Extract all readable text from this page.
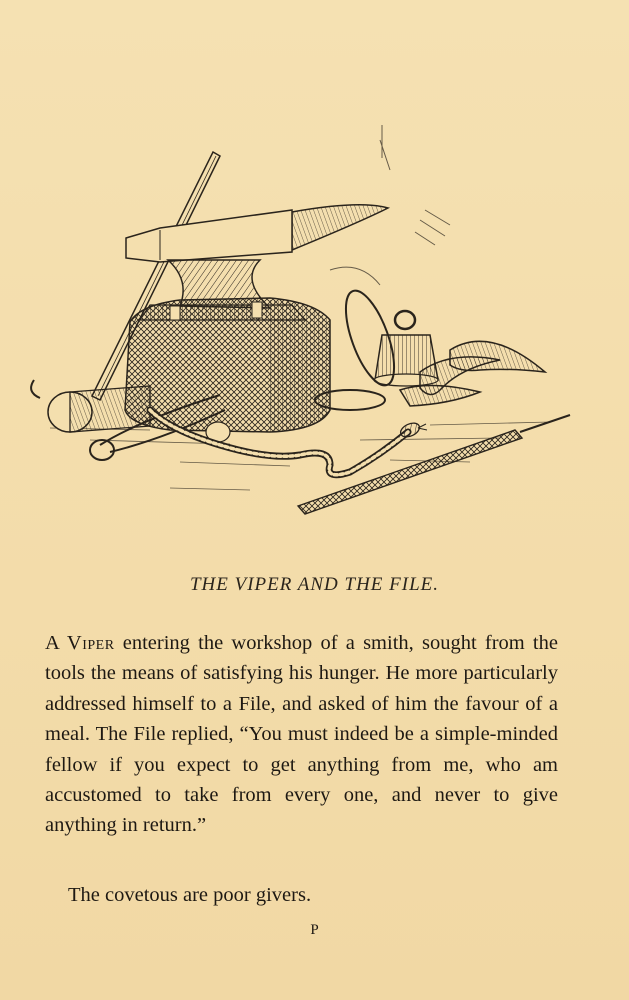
THE VIPER AND THE FILE.

A Viper entering the workshop of a smith, sought from the tools the means of satisfying his hunger. He more particularly addressed himself to a File, and asked of him the favour of a meal. The File replied, “You must indeed be a simple-minded fellow if you expect to get anything from me, who am accustomed to take from every one, and never to give anything in return.”

The covetous are poor givers.
P
